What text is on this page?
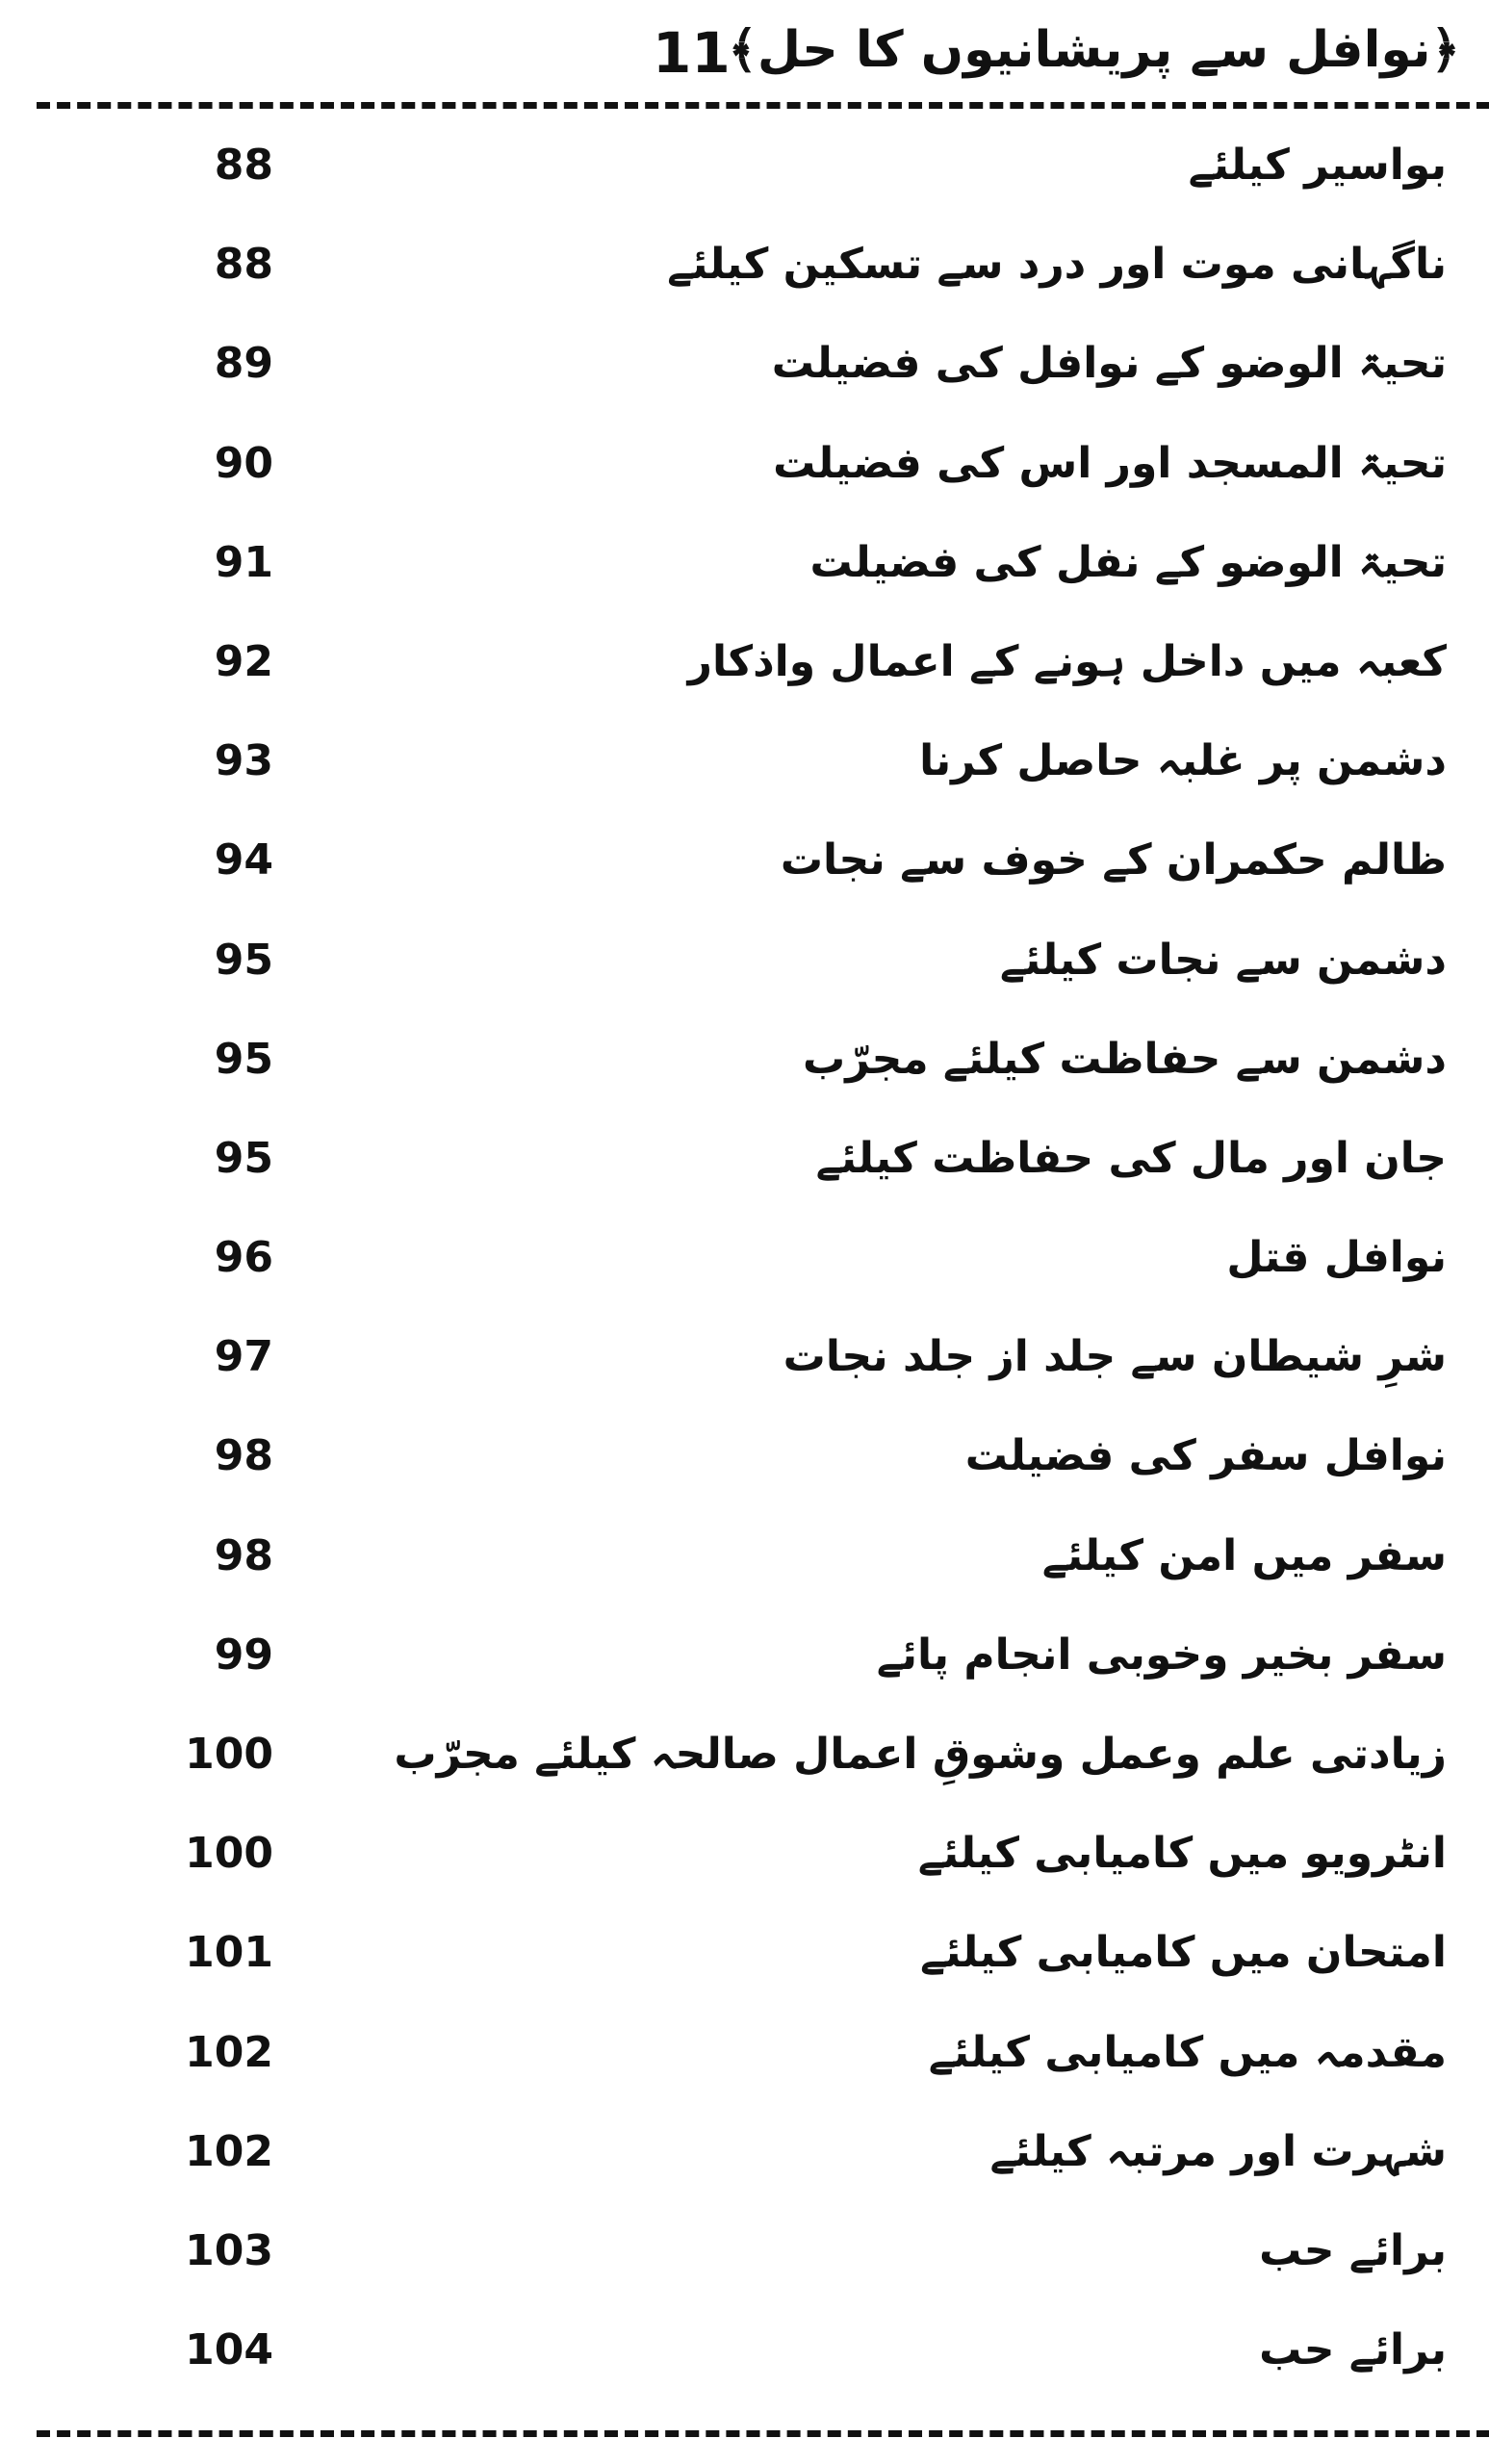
11
﴿نوافل سے پریشانیوں کا حل﴾
بواسیر کیلئے
88
ناگہانی موت اور درد سے تسکین کیلئے
88
تحیۃ الوضو کے نوافل کی فضیلت
89
تحیۃ المسجد اور اس کی فضیلت
90
تحیۃ الوضو کے نفل کی فضیلت
91
کعبہ میں داخل ہونے کے اعمال واذکار
92
دشمن پر غلبہ حاصل کرنا
93
ظالم حکمران کے خوف سے نجات
94
دشمن سے نجات کیلئے
95
دشمن سے حفاظت کیلئے مجرّب
95
جان اور مال کی حفاظت کیلئے
95
نوافل قتل
96
شرِ شیطان سے جلد از جلد نجات
97
نوافل سفر کی فضیلت
98
سفر میں امن کیلئے
98
سفر بخیر وخوبی انجام پائے
99
زیادتی علم وعمل وشوقِ اعمال صالحہ کیلئے مجرّب
100
انٹرویو میں کامیابی کیلئے
100
امتحان میں کامیابی کیلئے
101
مقدمہ میں کامیابی کیلئے
102
شہرت اور مرتبہ کیلئے
102
برائے حب
103
برائے حب
104
